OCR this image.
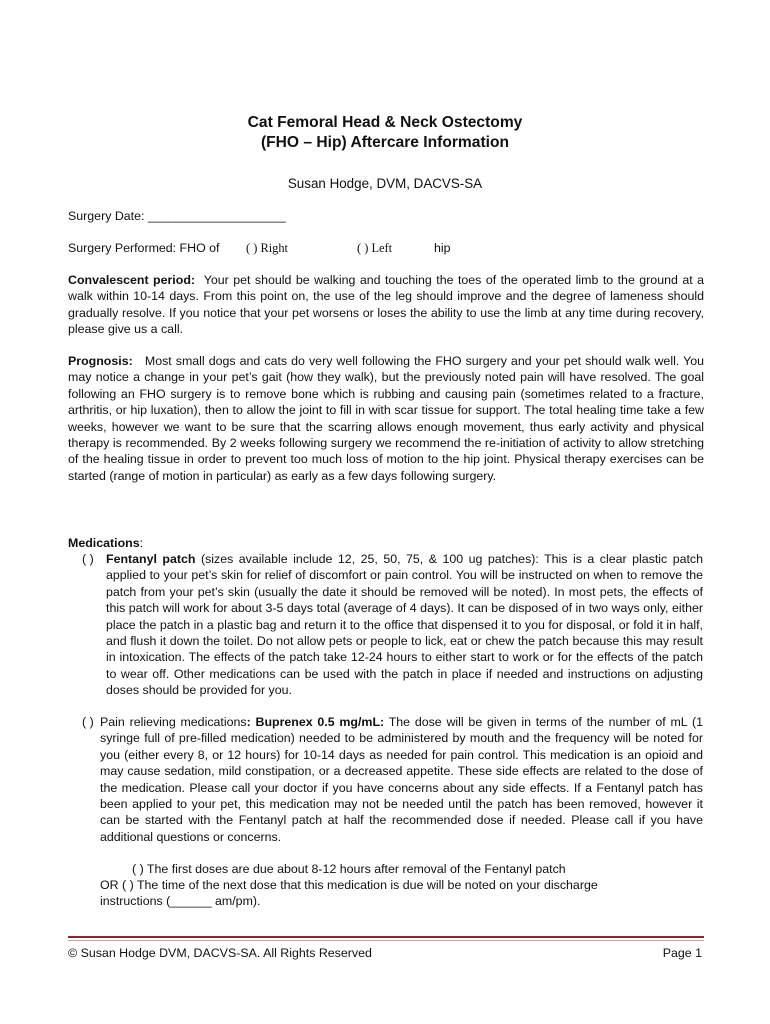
Cat Femoral Head & Neck Ostectomy
(FHO – Hip) Aftercare Information
Susan Hodge, DVM, DACVS-SA
Surgery Date: ____________________
Surgery Performed: FHO of ( ) Right	( ) Left	hip
Convalescent period: Your pet should be walking and touching the toes of the operated limb to the ground at a walk within 10-14 days. From this point on, the use of the leg should improve and the degree of lameness should gradually resolve. If you notice that your pet worsens or loses the ability to use the limb at any time during recovery, please give us a call.
Prognosis: Most small dogs and cats do very well following the FHO surgery and your pet should walk well. You may notice a change in your pet’s gait (how they walk), but the previously noted pain will have resolved. The goal following an FHO surgery is to remove bone which is rubbing and causing pain (sometimes related to a fracture, arthritis, or hip luxation), then to allow the joint to fill in with scar tissue for support. The total healing time take a few weeks, however we want to be sure that the scarring allows enough movement, thus early activity and physical therapy is recommended. By 2 weeks following surgery we recommend the re-initiation of activity to allow stretching of the healing tissue in order to prevent too much loss of motion to the hip joint. Physical therapy exercises can be started (range of motion in particular) as early as a few days following surgery.
Medications:
( ) Fentanyl patch (sizes available include 12, 25, 50, 75, & 100 ug patches): This is a clear plastic patch applied to your pet’s skin for relief of discomfort or pain control. You will be instructed on when to remove the patch from your pet’s skin (usually the date it should be removed will be noted). In most pets, the effects of this patch will work for about 3-5 days total (average of 4 days). It can be disposed of in two ways only, either place the patch in a plastic bag and return it to the office that dispensed it to you for disposal, or fold it in half, and flush it down the toilet. Do not allow pets or people to lick, eat or chew the patch because this may result in intoxication. The effects of the patch take 12-24 hours to either start to work or for the effects of the patch to wear off. Other medications can be used with the patch in place if needed and instructions on adjusting doses should be provided for you.
( ) Pain relieving medications: Buprenex 0.5 mg/mL: The dose will be given in terms of the number of mL (1 syringe full of pre-filled medication) needed to be administered by mouth and the frequency will be noted for you (either every 8, or 12 hours) for 10-14 days as needed for pain control. This medication is an opioid and may cause sedation, mild constipation, or a decreased appetite. These side effects are related to the dose of the medication. Please call your doctor if you have concerns about any side effects. If a Fentanyl patch has been applied to your pet, this medication may not be needed until the patch has been removed, however it can be started with the Fentanyl patch at half the recommended dose if needed. Please call if you have additional questions or concerns.
( ) The first doses are due about 8-12 hours after removal of the Fentanyl patch
OR ( ) The time of the next dose that this medication is due will be noted on your discharge
instructions (______ am/pm).
© Susan Hodge DVM, DACVS-SA. All Rights Reserved	Page 1
